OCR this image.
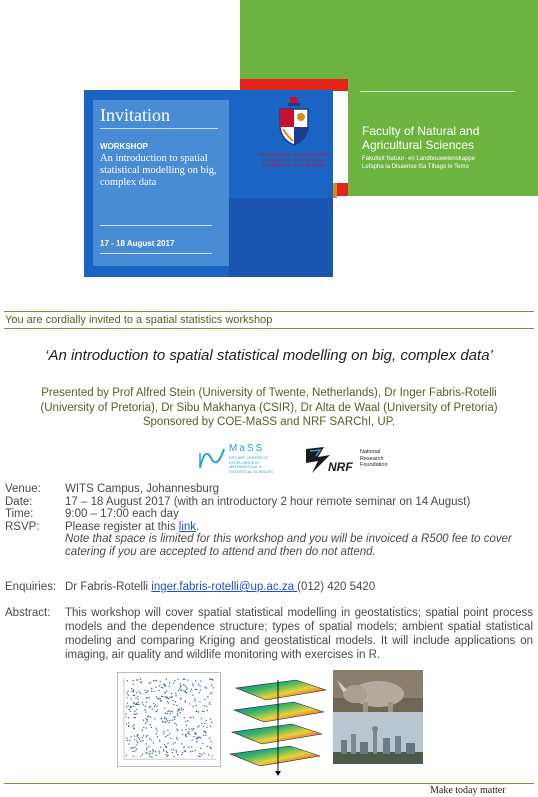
Invitation
WORKSHOP
An introduction to spatial statistical modelling on big, complex data
17 - 18 August 2017
UNIVERSITEIT VAN PRETORIA
UNIVERSITY OF PRETORIA
YUNIBESITHI YA PRETORIA
Faculty of Natural and
Agricultural Sciences
Fakulteit Natuur- en Landbouwetenskappe
Lefapha la Disaense tša Tlhago le Temo
You are cordially invited to a spatial statistics workshop
‘An introduction to spatial statistical modelling on big, complex data’
Presented by Prof Alfred Stein (University of Twente, Netherlands), Dr Inger Fabris-Rotelli
(University of Pretoria), Dr Sibu Makhanya (CSIR), Dr Alta de Waal (University of Pretoria)
Sponsored by COE-MaSS and NRF SARChI, UP.
MaSS
DST-NRF CENTRE OF
EXCELLENCE IN
MATHEMATICAL &
STATISTICAL SCIENCES	NRF
National
Research
Foundation
Venue:	WITS Campus, Johannesburg
Date:	17 – 18 August 2017 (with an introductory 2 hour remote seminar on 14 August)
Time:	9:00 – 17:00 each day
RSVP:	Please register at this link.
Note that space is limited for this workshop and you will be invoiced a R500 fee to cover catering if you are accepted to attend and then do not attend.
Enquiries: Dr Fabris-Rotelli inger.fabris-rotelli@up.ac.za (012) 420 5420
Abstract:	This workshop will cover spatial statistical modelling in geostatistics; spatial point process models and the dependence structure; types of spatial models; ambient spatial statistical modeling and comparing Kriging and geostatistical models. It will include applications on imaging, air quality and wildlife monitoring with exercises in R.
Make today matter
